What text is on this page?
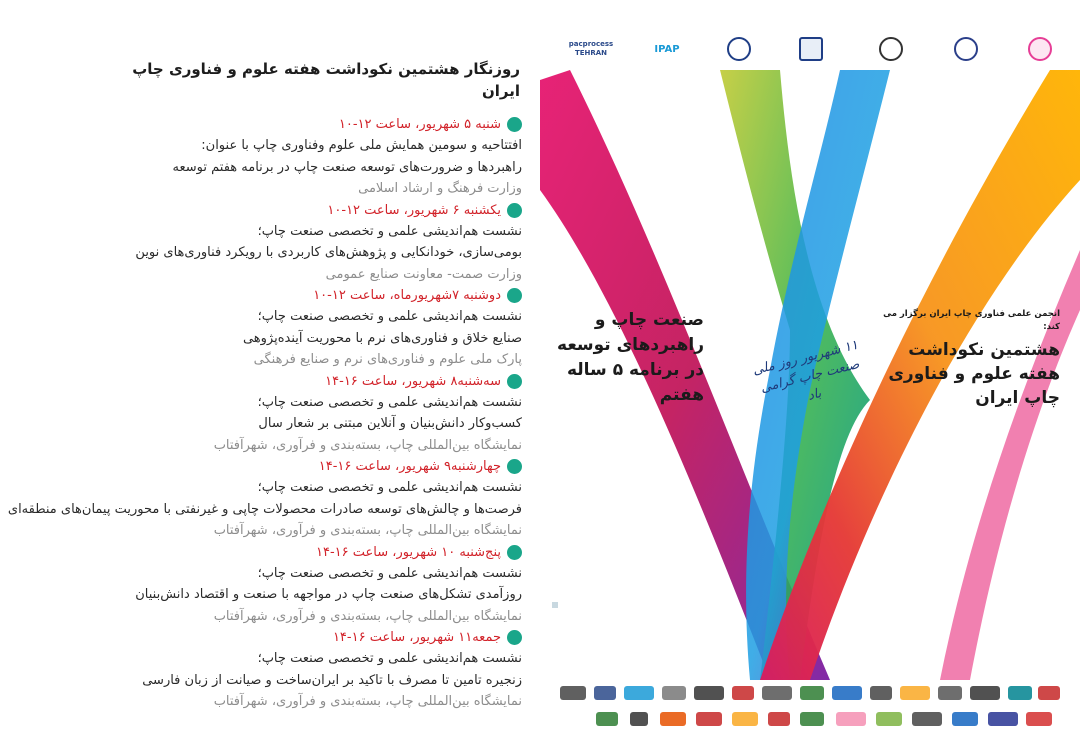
روزنگار هشتمین نکوداشت هفته علوم و فناوری چاپ ایران
شنبه ۵ شهریور، ساعت ۱۲-۱۰
افتتاحیه و سومین همایش ملی علوم وفناوری چاپ با عنوان:
راهبردها و ضرورت‌های توسعه صنعت چاپ در برنامه هفتم توسعه
وزارت فرهنگ و ارشاد اسلامی
یکشنبه ۶ شهریور، ساعت ۱۲-۱۰
نشست هم‌اندیشی علمی و تخصصی صنعت چاپ؛
بومی‌سازی، خودانکایی و پژوهش‌های کاربردی با رویکرد فناوری‌های نوین
وزارت صمت- معاونت صنایع عمومی
دوشنبه ۷شهریورماه، ساعت ۱۲-۱۰
نشست هم‌اندیشی علمی و تخصصی صنعت چاپ؛
صنایع خلاق و فناوری‌های نرم با محوریت آینده‌پژوهی
پارک ملی علوم و فناوری‌های نرم و صنایع فرهنگی
سه‌شنبه۸ شهریور، ساعت ۱۶-۱۴
نشست هم‌اندیشی علمی و تخصصی صنعت چاپ؛
کسب‌وکار دانش‌بنیان و آنلاین مبتنی بر شعار سال
نمایشگاه بین‌المللی چاپ، بسته‌بندی و فرآوری، شهرآفتاب
چهارشنبه۹ شهریور، ساعت ۱۶-۱۴
نشست هم‌اندیشی علمی و تخصصی صنعت چاپ؛
فرصت‌ها و چالش‌های توسعه صادرات محصولات چاپی و غیرنفتی با محوریت پیمان‌های منطقه‌ای
نمایشگاه بین‌المللی چاپ، بسته‌بندی و فرآوری، شهرآفتاب
پنج‌شنبه ۱۰ شهریور، ساعت ۱۶-۱۴
نشست هم‌اندیشی علمی و تخصصی صنعت چاپ؛
روزآمدی تشکل‌های صنعت چاپ در مواجهه با صنعت و اقتصاد دانش‌بنیان
نمایشگاه بین‌المللی چاپ، بسته‌بندی و فرآوری، شهرآفتاب
جمعه۱۱ شهریور، ساعت ۱۶-۱۴
نشست هم‌اندیشی علمی و تخصصی صنعت چاپ؛
زنجیره تامین تا مصرف با تاکید بر ایران‌ساخت و صیانت از زبان فارسی
نمایشگاه بین‌المللی چاپ، بسته‌بندی و فرآوری، شهرآفتاب
pacprocess TEHRAN	IPAP
صنعت چاپ و راهبردهای توسعه در برنامه ۵ ساله هفتم
۱۱ شهریور روز ملی صنعت چاپ گرامی باد
انجمن علمی فناوری چاپ ایران برگزار می کند:
هشتمین نکوداشت هفته علوم و فناوری چاپ ایران
